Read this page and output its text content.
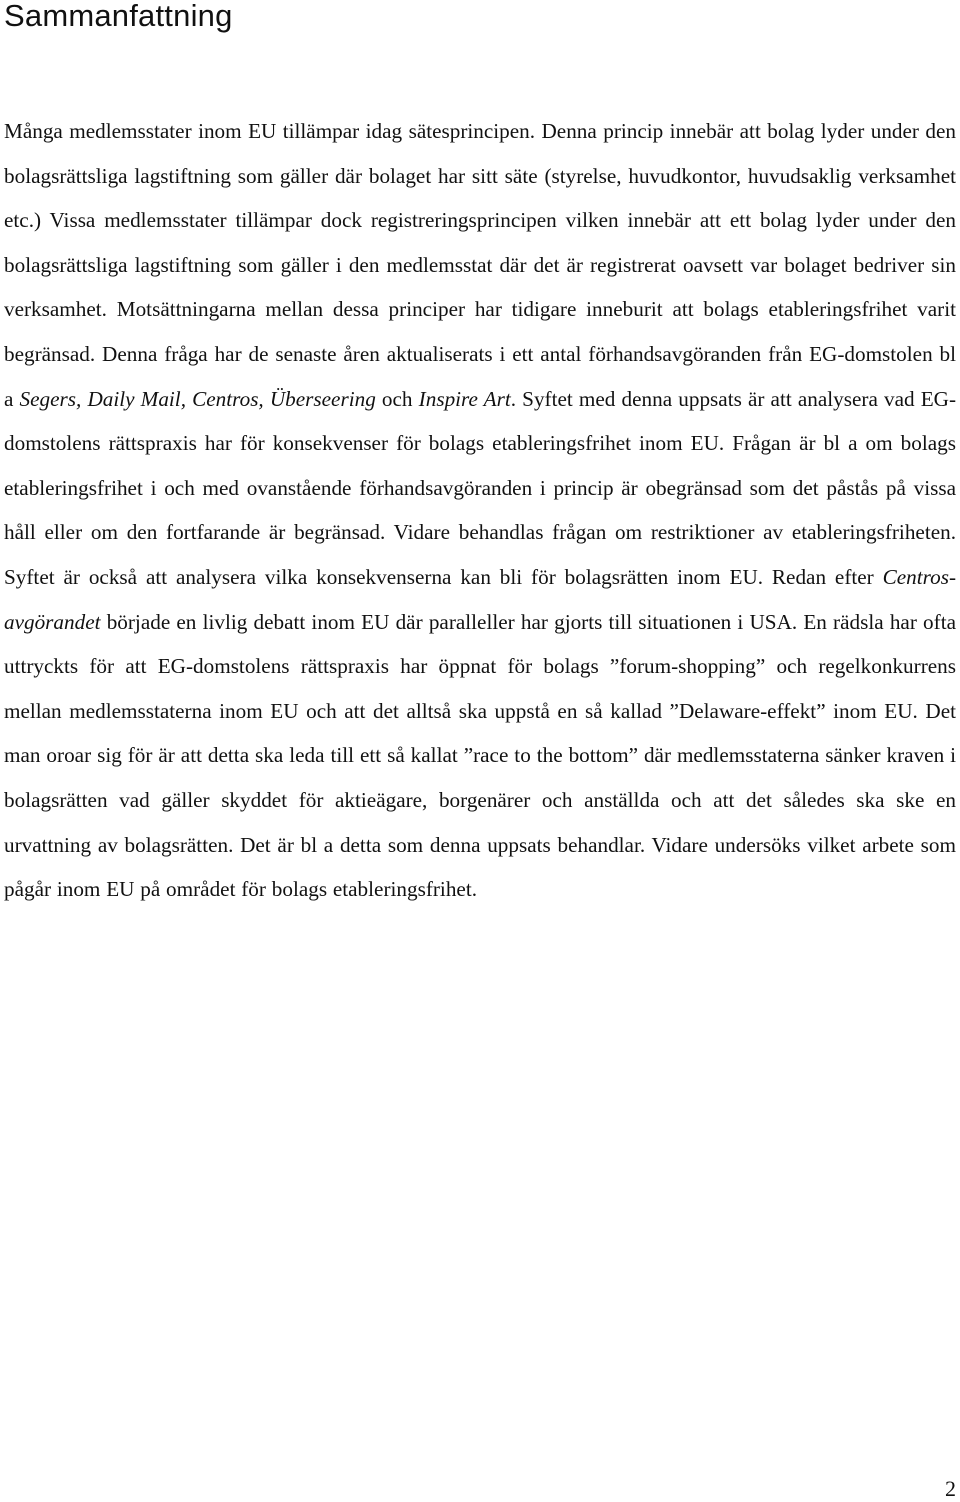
Sammanfattning

Många medlemsstater inom EU tillämpar idag sätesprincipen. Denna princip innebär att bolag lyder under den bolagsrättsliga lagstiftning som gäller där bolaget har sitt säte (styrelse, huvudkontor, huvudsaklig verksamhet etc.) Vissa medlemsstater tillämpar dock registreringsprincipen vilken innebär att ett bolag lyder under den bolagsrättsliga lagstiftning som gäller i den medlemsstat där det är registrerat oavsett var bolaget bedriver sin verksamhet. Motsättningarna mellan dessa principer har tidigare inneburit att bolags etableringsfrihet varit begränsad. Denna fråga har de senaste åren aktualiserats i ett antal förhandsavgöranden från EG-domstolen bl a Segers, Daily Mail, Centros, Überseering och Inspire Art. Syftet med denna uppsats är att analysera vad EG-domstolens rättspraxis har för konsekvenser för bolags etableringsfrihet inom EU. Frågan är bl a om bolags etableringsfrihet i och med ovanstående förhandsavgöranden i princip är obegränsad som det påstås på vissa håll eller om den fortfarande är begränsad. Vidare behandlas frågan om restriktioner av etableringsfriheten. Syftet är också att analysera vilka konsekvenserna kan bli för bolagsrätten inom EU. Redan efter Centros-avgörandet började en livlig debatt inom EU där paralleller har gjorts till situationen i USA. En rädsla har ofta uttryckts för att EG-domstolens rättspraxis har öppnat för bolags ”forum-shopping” och regelkonkurrens mellan medlemsstaterna inom EU och att det alltså ska uppstå en så kallad ”Delaware-effekt” inom EU. Det man oroar sig för är att detta ska leda till ett så kallat ”race to the bottom” där medlemsstaterna sänker kraven i bolagsrätten vad gäller skyddet för aktieägare, borgenärer och anställda och att det således ska ske en urvattning av bolagsrätten. Det är bl a detta som denna uppsats behandlar. Vidare undersöks vilket arbete som pågår inom EU på området för bolags etableringsfrihet.

2
